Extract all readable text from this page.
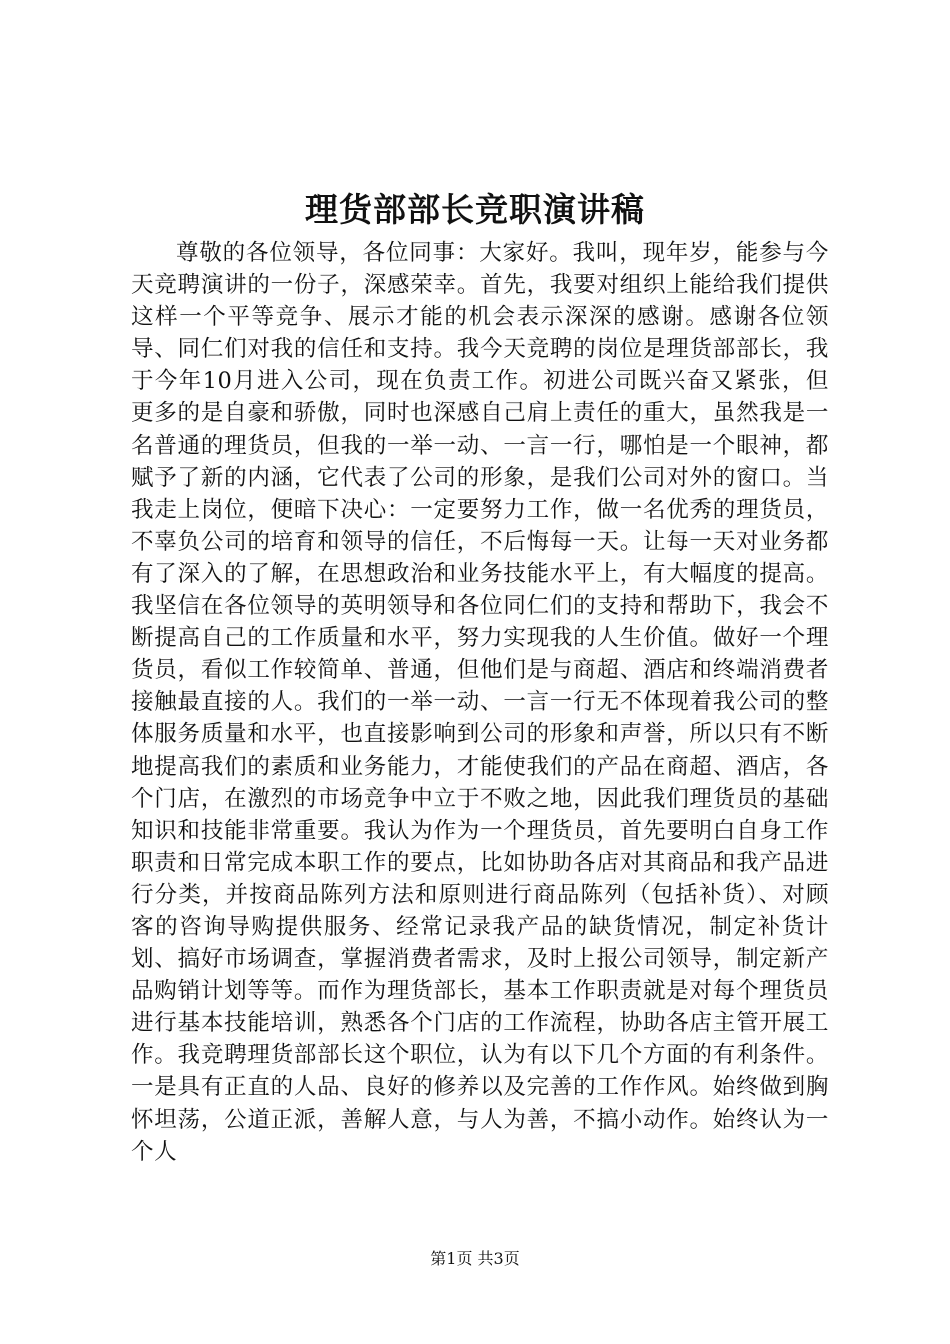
理货部部长竞职演讲稿

尊敬的各位领导，各位同事：大家好。我叫，现年岁，能参与今天竞聘演讲的一份子，深感荣幸。首先，我要对组织上能给我们提供这样一个平等竞争、展示才能的机会表示深深的感谢。感谢各位领导、同仁们对我的信任和支持。我今天竞聘的岗位是理货部部长，我于今年10月进入公司，现在负责工作。初进公司既兴奋又紧张，但更多的是自豪和骄傲，同时也深感自己肩上责任的重大，虽然我是一名普通的理货员，但我的一举一动、一言一行，哪怕是一个眼神，都赋予了新的内涵，它代表了公司的形象，是我们公司对外的窗口。当我走上岗位，便暗下决心：一定要努力工作，做一名优秀的理货员，不辜负公司的培育和领导的信任，不后悔每一天。让每一天对业务都有了深入的了解，在思想政治和业务技能水平上，有大幅度的提高。我坚信在各位领导的英明领导和各位同仁们的支持和帮助下，我会不断提高自己的工作质量和水平，努力实现我的人生价值。做好一个理货员，看似工作较简单、普通，但他们是与商超、酒店和终端消费者接触最直接的人。我们的一举一动、一言一行无不体现着我公司的整体服务质量和水平，也直接影响到公司的形象和声誉，所以只有不断地提高我们的素质和业务能力，才能使我们的产品在商超、酒店，各个门店，在激烈的市场竞争中立于不败之地，因此我们理货员的基础知识和技能非常重要。我认为作为一个理货员，首先要明白自身工作职责和日常完成本职工作的要点，比如协助各店对其商品和我产品进行分类，并按商品陈列方法和原则进行商品陈列（包括补货）、对顾客的咨询导购提供服务、经常记录我产品的缺货情况，制定补货计划、搞好市场调查，掌握消费者需求，及时上报公司领导，制定新产品购销计划等等。而作为理货部长，基本工作职责就是对每个理货员进行基本技能培训，熟悉各个门店的工作流程，协助各店主管开展工作。我竞聘理货部部长这个职位，认为有以下几个方面的有利条件。一是具有正直的人品、良好的修养以及完善的工作作风。始终做到胸怀坦荡，公道正派，善解人意，与人为善，不搞小动作。始终认为一个人

第1页 共3页
